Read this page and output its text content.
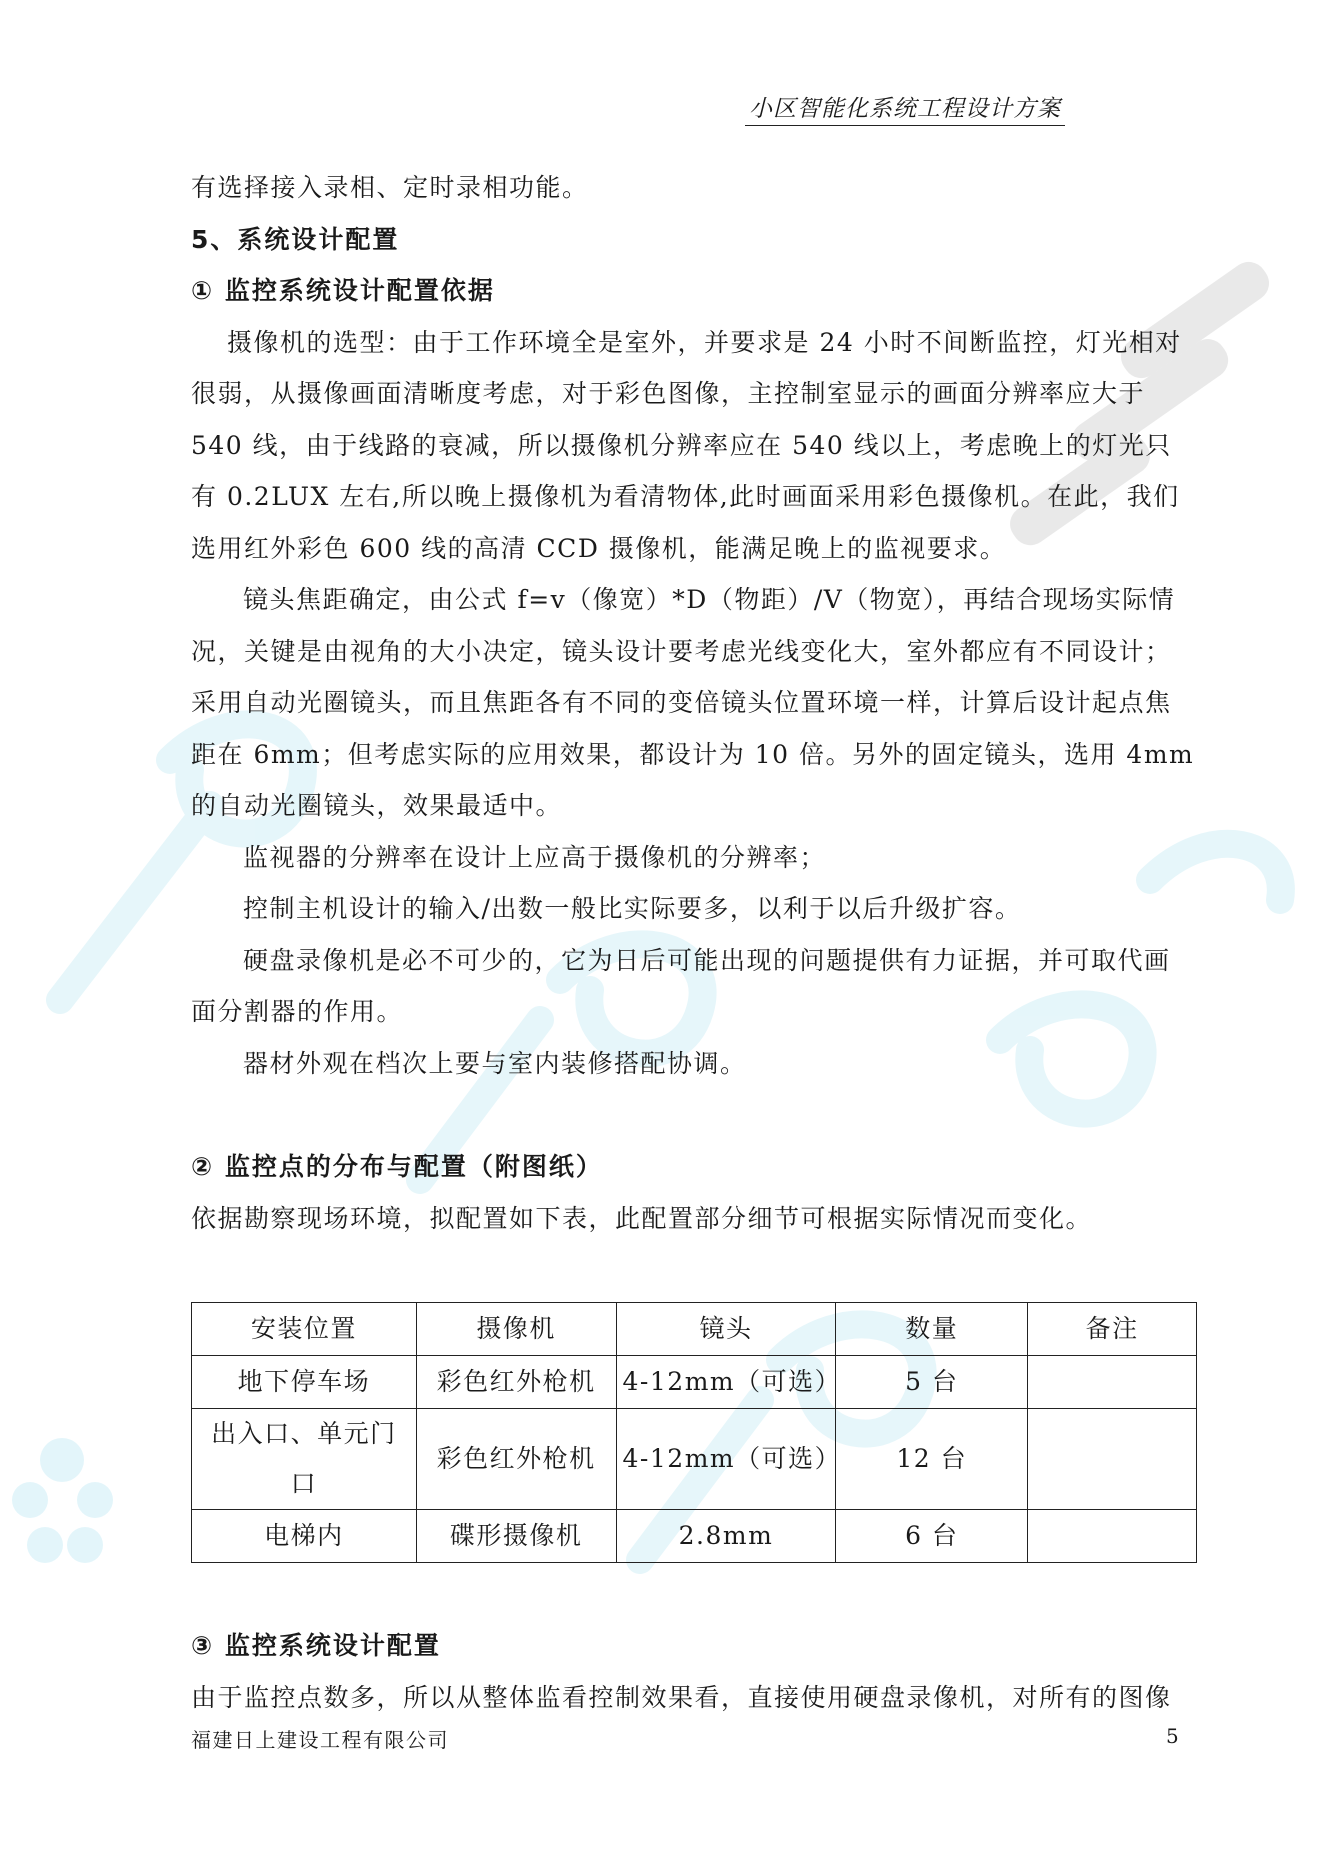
小区智能化系统工程设计方案

有选择接入录相、定时录相功能。

5、系统设计配置

① 监控系统设计配置依据

摄像机的选型：由于工作环境全是室外，并要求是 24 小时不间断监控，灯光相对很弱，从摄像画面清晰度考虑，对于彩色图像，主控制室显示的画面分辨率应大于 540 线，由于线路的衰减，所以摄像机分辨率应在 540 线以上，考虑晚上的灯光只有 0.2LUX 左右,所以晚上摄像机为看清物体,此时画面采用彩色摄像机。在此，我们选用红外彩色 600 线的高清 CCD 摄像机，能满足晚上的监视要求。

镜头焦距确定，由公式 f=v（像宽）*D（物距）/V（物宽），再结合现场实际情况，关键是由视角的大小决定，镜头设计要考虑光线变化大，室外都应有不同设计；采用自动光圈镜头，而且焦距各有不同的变倍镜头位置环境一样，计算后设计起点焦距在 6mm；但考虑实际的应用效果，都设计为 10 倍。另外的固定镜头，选用 4mm 的自动光圈镜头，效果最适中。

监视器的分辨率在设计上应高于摄像机的分辨率；

控制主机设计的输入/出数一般比实际要多，以利于以后升级扩容。

硬盘录像机是必不可少的，它为日后可能出现的问题提供有力证据，并可取代画面分割器的作用。

器材外观在档次上要与室内装修搭配协调。

② 监控点的分布与配置（附图纸）

依据勘察现场环境，拟配置如下表，此配置部分细节可根据实际情况而变化。

安装位置	摄像机	镜头	数量	备注
地下停车场	彩色红外枪机	4-12mm（可选）	5 台	
出入口、单元门口	彩色红外枪机	4-12mm（可选）	12 台	
电梯内	碟形摄像机	2.8mm	6 台	

③ 监控系统设计配置

由于监控点数多，所以从整体监看控制效果看，直接使用硬盘录像机，对所有的图像

福建日上建设工程有限公司	5
